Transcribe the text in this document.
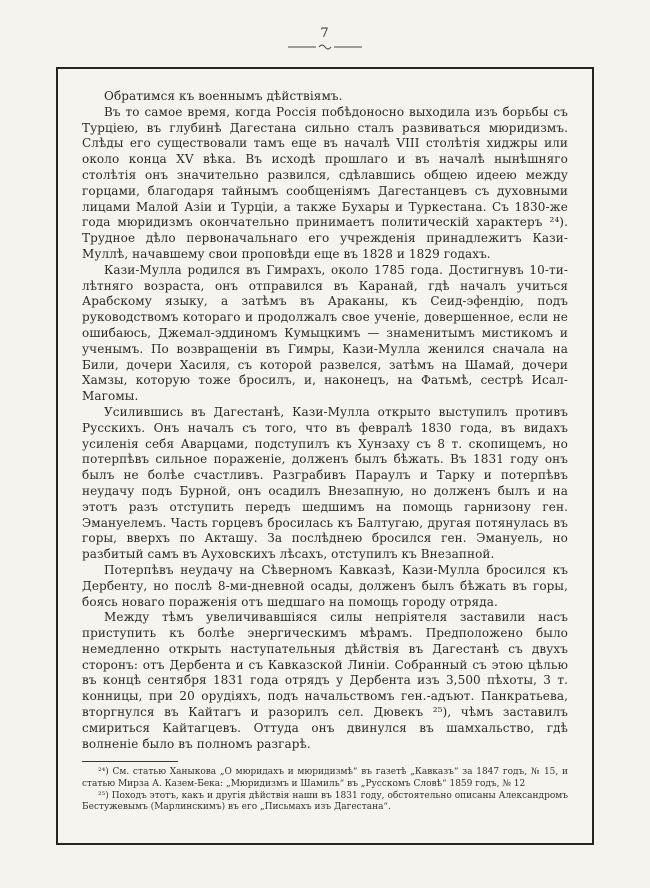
7

Обратимся къ военнымъ дѣйствіямъ.

Въ то самое время, когда Россія побѣдоносно выходила изъ борьбы съ Турціею, въ глубинѣ Дагестана сильно сталъ развиваться мюридизмъ. Слѣды его существовали тамъ еще въ началѣ VIII столѣтія хиджры или около конца XV вѣка. Въ исходѣ прошлаго и въ началѣ нынѣшняго столѣтія онъ значительно развился, сдѣлавшись общею идеею между горцами, благодаря тайнымъ сообщеніямъ Дагестанцевъ съ духовными лицами Малой Азіи и Турціи, а также Бухары и Туркестана. Съ 1830-же года мюридизмъ окончательно принимаетъ политическій характеръ ²⁴). Трудное дѣло первоначальнаго его учрежденія принадлежитъ Кази-Муллѣ, начавшему свои проповѣди еще въ 1828 и 1829 годахъ.

Кази-Мулла родился въ Гимрахъ, около 1785 года. Достигнувъ 10-ти-лѣтняго возраста, онъ отправился въ Каранай, гдѣ началъ учиться Арабскому языку, а затѣмъ въ Араканы, къ Сеид-эфендію, подъ руководствомъ котораго и продолжалъ свое ученіе, довершенное, если не ошибаюсь, Джемал-эддиномъ Кумыцкимъ — знаменитымъ мистикомъ и ученымъ. По возвращеніи въ Гимры, Кази-Мулла женился сначала на Били, дочери Хасиля, съ которой развелся, затѣмъ на Шамай, дочери Хамзы, которую тоже бросилъ, и, наконецъ, на Фатьмѣ, сестрѣ Исал-Магомы.

Усилившись въ Дагестанѣ, Кази-Мулла открыто выступилъ противъ Русскихъ. Онъ началъ съ того, что въ февралѣ 1830 года, въ видахъ усиленія себя Аварцами, подступилъ къ Хунзаху съ 8 т. скопищемъ, но потерпѣвъ сильное пораженіе, долженъ былъ бѣжать. Въ 1831 году онъ былъ не болѣе счастливъ. Разграбивъ Параулъ и Тарку и потерпѣвъ неудачу подъ Бурной, онъ осадилъ Внезапную, но долженъ былъ и на этотъ разъ отступить передъ шедшимъ на помощь гарнизону ген. Эмануелемъ. Часть горцевъ бросилась къ Балтугаю, другая потянулась въ горы, вверхъ по Акташу. За послѣднею бросился ген. Эмануель, но разбитый самъ въ Ауховскихъ лѣсахъ, отступилъ къ Внезапной.

Потерпѣвъ неудачу на Сѣверномъ Кавказѣ, Кази-Мулла бросился къ Дербенту, но послѣ 8-ми-дневной осады, долженъ былъ бѣжать въ горы, боясь новаго пораженія отъ шедшаго на помощь городу отряда.

Между тѣмъ увеличивавшіяся силы непріятеля заставили насъ приступить къ болѣе энергическимъ мѣрамъ. Предположено было немедленно открыть наступательныя дѣйствія въ Дагестанѣ съ двухъ сторонъ: отъ Дербента и съ Кавказской Линіи. Собранный съ этою цѣлью въ концѣ сентября 1831 года отрядъ у Дербента изъ 3,500 пѣхоты, 3 т. конницы, при 20 орудіяхъ, подъ начальствомъ ген.-адъют. Панкратьева, вторгнулся въ Кайтагъ и разорилъ сел. Дювекъ ²⁵), чѣмъ заставилъ смириться Кайтагцевъ. Оттуда онъ двинулся въ шамхальство, гдѣ волненіе было въ полномъ разгарѣ.

²⁴) См. статью Ханыкова „О мюридахъ и мюридизмѣ“ въ газетѣ „Кавказъ“ за 1847 годъ, № 15, и статью Мирза А. Казем-Бека: „Мюридизмъ и Шамиль“ въ „Русскомъ Словѣ“ 1859 годъ, № 12

²⁵) Походъ этотъ, какъ и другія дѣйствія наши въ 1831 году, обстоятельно описаны Александромъ Бестужевымъ (Марлинскимъ) въ его „Письмахъ изъ Дагестана“.
